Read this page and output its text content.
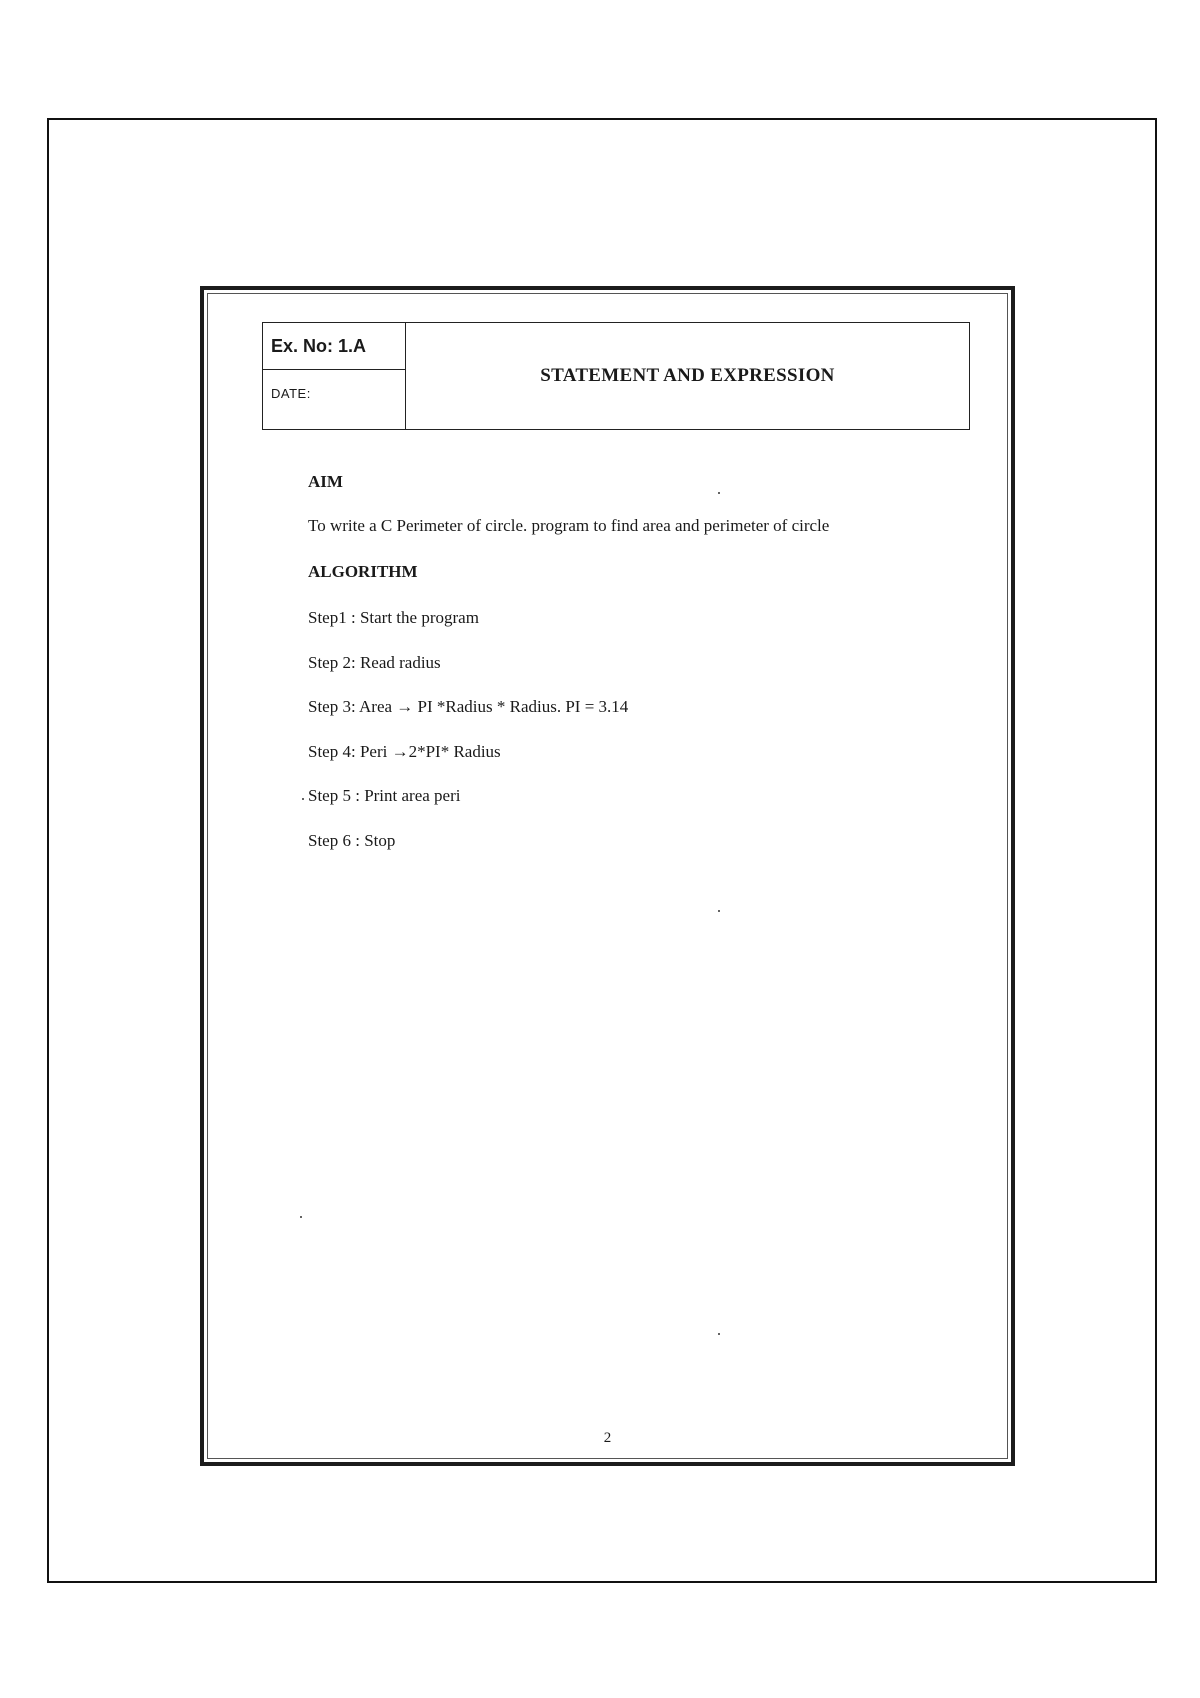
Ex. No: 1.A
DATE:
STATEMENT AND EXPRESSION

AIM

To write a C Perimeter of circle. program to find area and perimeter of circle

ALGORITHM

Step1 : Start the program
Step 2: Read radius
Step 3: Area → PI *Radius * Radius. PI = 3.14
Step 4: Peri →2*PI* Radius
Step 5 : Print area peri
Step 6 : Stop
2
